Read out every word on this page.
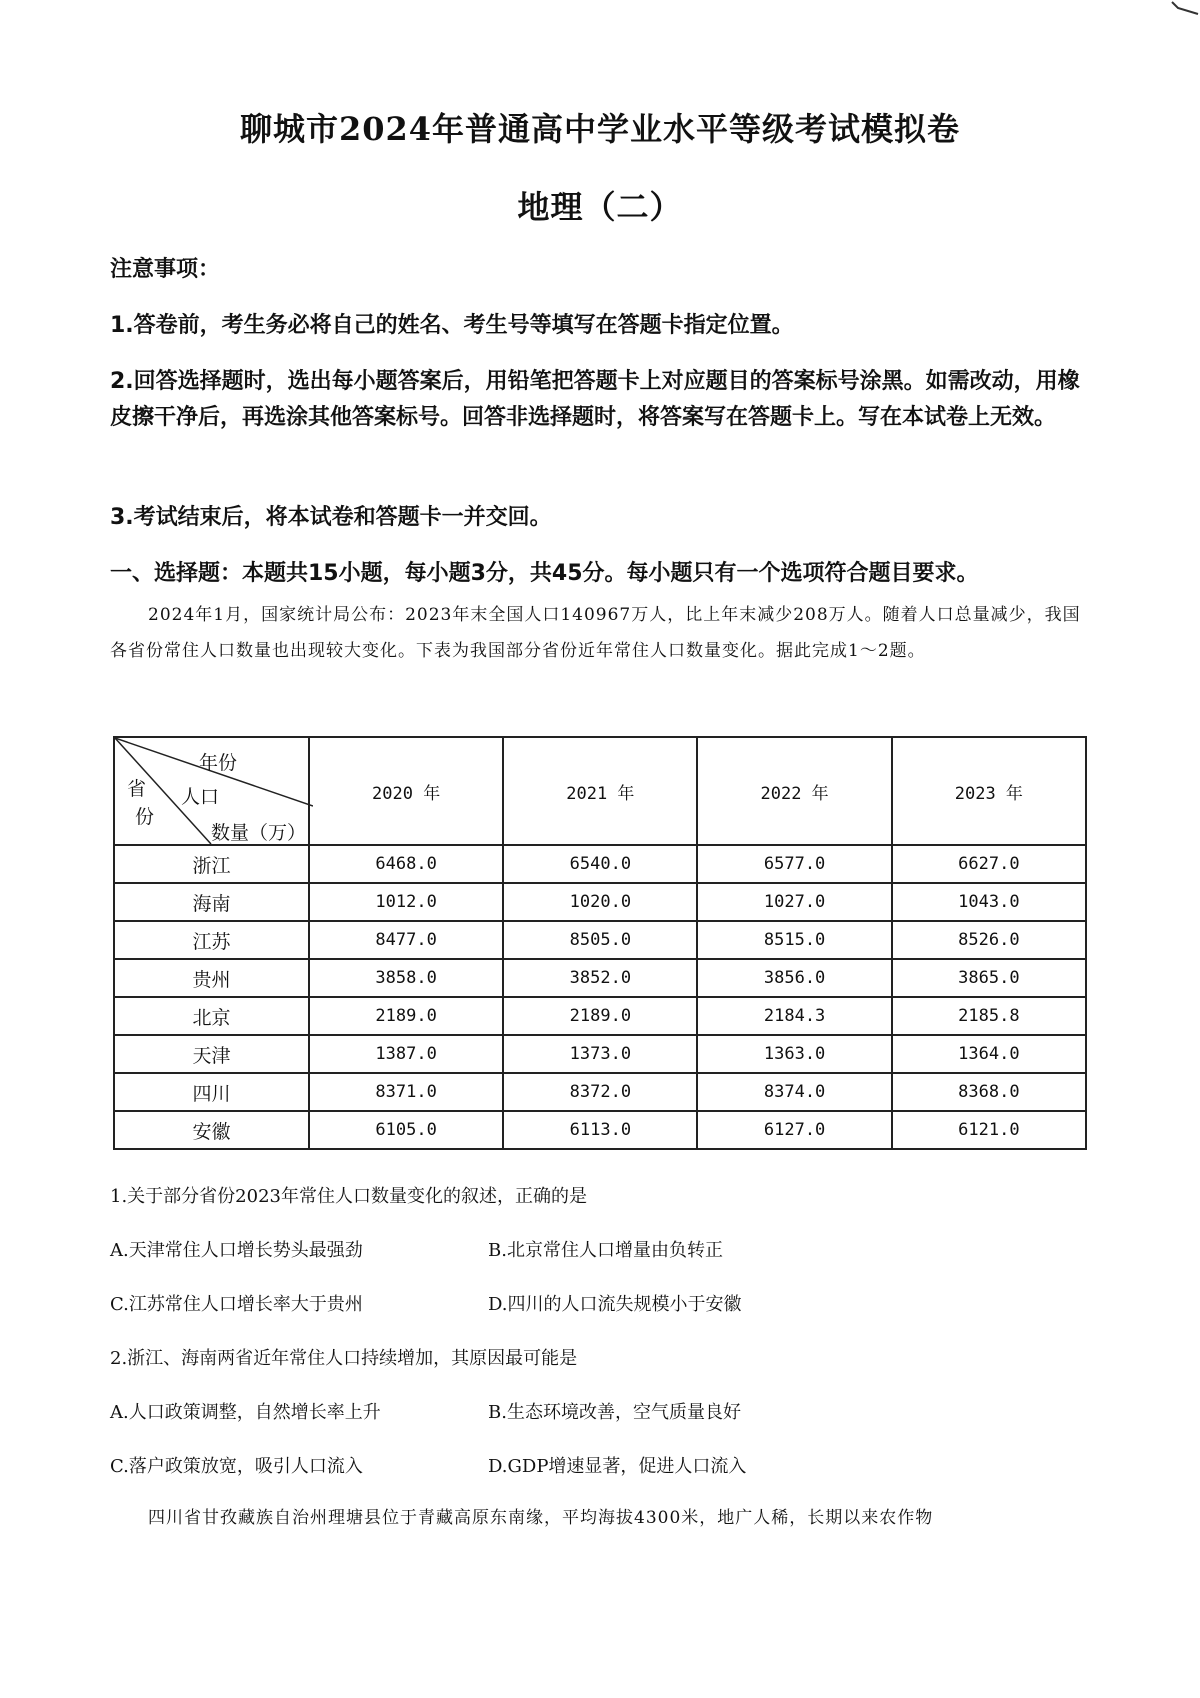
聊城市2024年普通高中学业水平等级考试模拟卷
地理（二）
注意事项：
1.答卷前，考生务必将自己的姓名、考生号等填写在答题卡指定位置。
2.回答选择题时，选出每小题答案后，用铅笔把答题卡上对应题目的答案标号涂黑。如需改动，用橡皮擦干净后，再选涂其他答案标号。回答非选择题时，将答案写在答题卡上。写在本试卷上无效。
3.考试结束后，将本试卷和答题卡一并交回。
一、选择题：本题共15小题，每小题3分，共45分。每小题只有一个选项符合题目要求。
2024年1月，国家统计局公布：2023年末全国人口140967万人，比上年末减少208万人。随着人口总量减少，我国各省份常住人口数量也出现较大变化。下表为我国部分省份近年常住人口数量变化。据此完成1～2题。
年份
省 人口
份
数量（万）	2020 年	2021 年	2022 年	2023 年
浙江	6468.0	6540.0	6577.0	6627.0
海南	1012.0	1020.0	1027.0	1043.0
江苏	8477.0	8505.0	8515.0	8526.0
贵州	3858.0	3852.0	3856.0	3865.0
北京	2189.0	2189.0	2184.3	2185.8
天津	1387.0	1373.0	1363.0	1364.0
四川	8371.0	8372.0	8374.0	8368.0
安徽	6105.0	6113.0	6127.0	6121.0
1.关于部分省份2023年常住人口数量变化的叙述，正确的是
A.天津常住人口增长势头最强劲	B.北京常住人口增量由负转正
C.江苏常住人口增长率大于贵州	D.四川的人口流失规模小于安徽
2.浙江、海南两省近年常住人口持续增加，其原因最可能是
A.人口政策调整，自然增长率上升	B.生态环境改善，空气质量良好
C.落户政策放宽，吸引人口流入	D.GDP增速显著，促进人口流入
四川省甘孜藏族自治州理塘县位于青藏高原东南缘，平均海拔4300米，地广人稀，长期以来农作物
